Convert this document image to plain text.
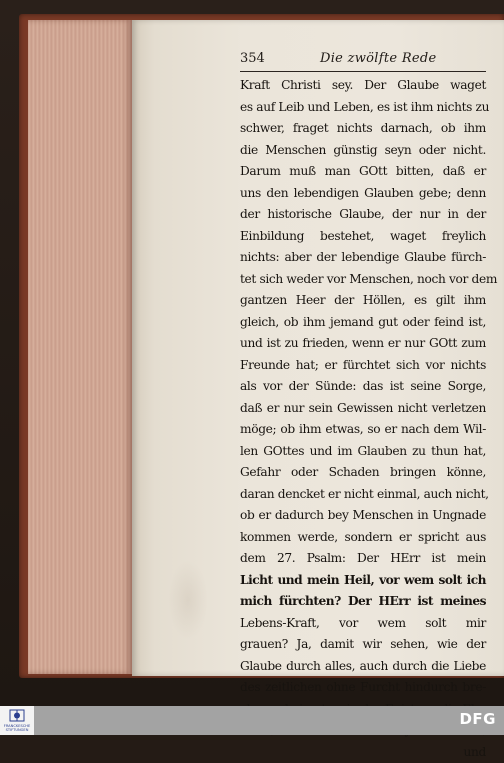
354	Die zwölfte Rede
Kraft Christi sey. Der Glaube waget
es auf Leib und Leben, es ist ihm nichts zu
schwer, fraget nichts darnach, ob ihm
die Menschen günstig seyn oder nicht.
Darum muß man GOtt bitten, daß er
uns den lebendigen Glauben gebe; denn
der historische Glaube, der nur in der
Einbildung bestehet, waget freylich
nichts: aber der lebendige Glaube fürch-
tet sich weder vor Menschen, noch vor dem
gantzen Heer der Höllen, es gilt ihm
gleich, ob ihm jemand gut oder feind ist,
und ist zu frieden, wenn er nur GOtt zum
Freunde hat; er fürchtet sich vor nichts
als vor der Sünde: das ist seine Sorge,
daß er nur sein Gewissen nicht verletzen
möge; ob ihm etwas, so er nach dem Wil-
len GOttes und im Glauben zu thun hat,
Gefahr oder Schaden bringen könne,
daran dencket er nicht einmal, auch nicht,
ob er dadurch bey Menschen in Ungnade
kommen werde, sondern er spricht aus
dem 27. Psalm: Der HErr ist mein
Licht und mein Heil, vor wem solt ich
mich fürchten? Der HErr ist meines
Lebens-Kraft, vor wem solt mir
grauen? Ja, damit wir sehen, wie der
Glaube durch alles, auch durch die Liebe
des zeitlichen ohne Furcht hindurch bre-
und
FRANCKESCHE STIFTUNGEN
DFG
